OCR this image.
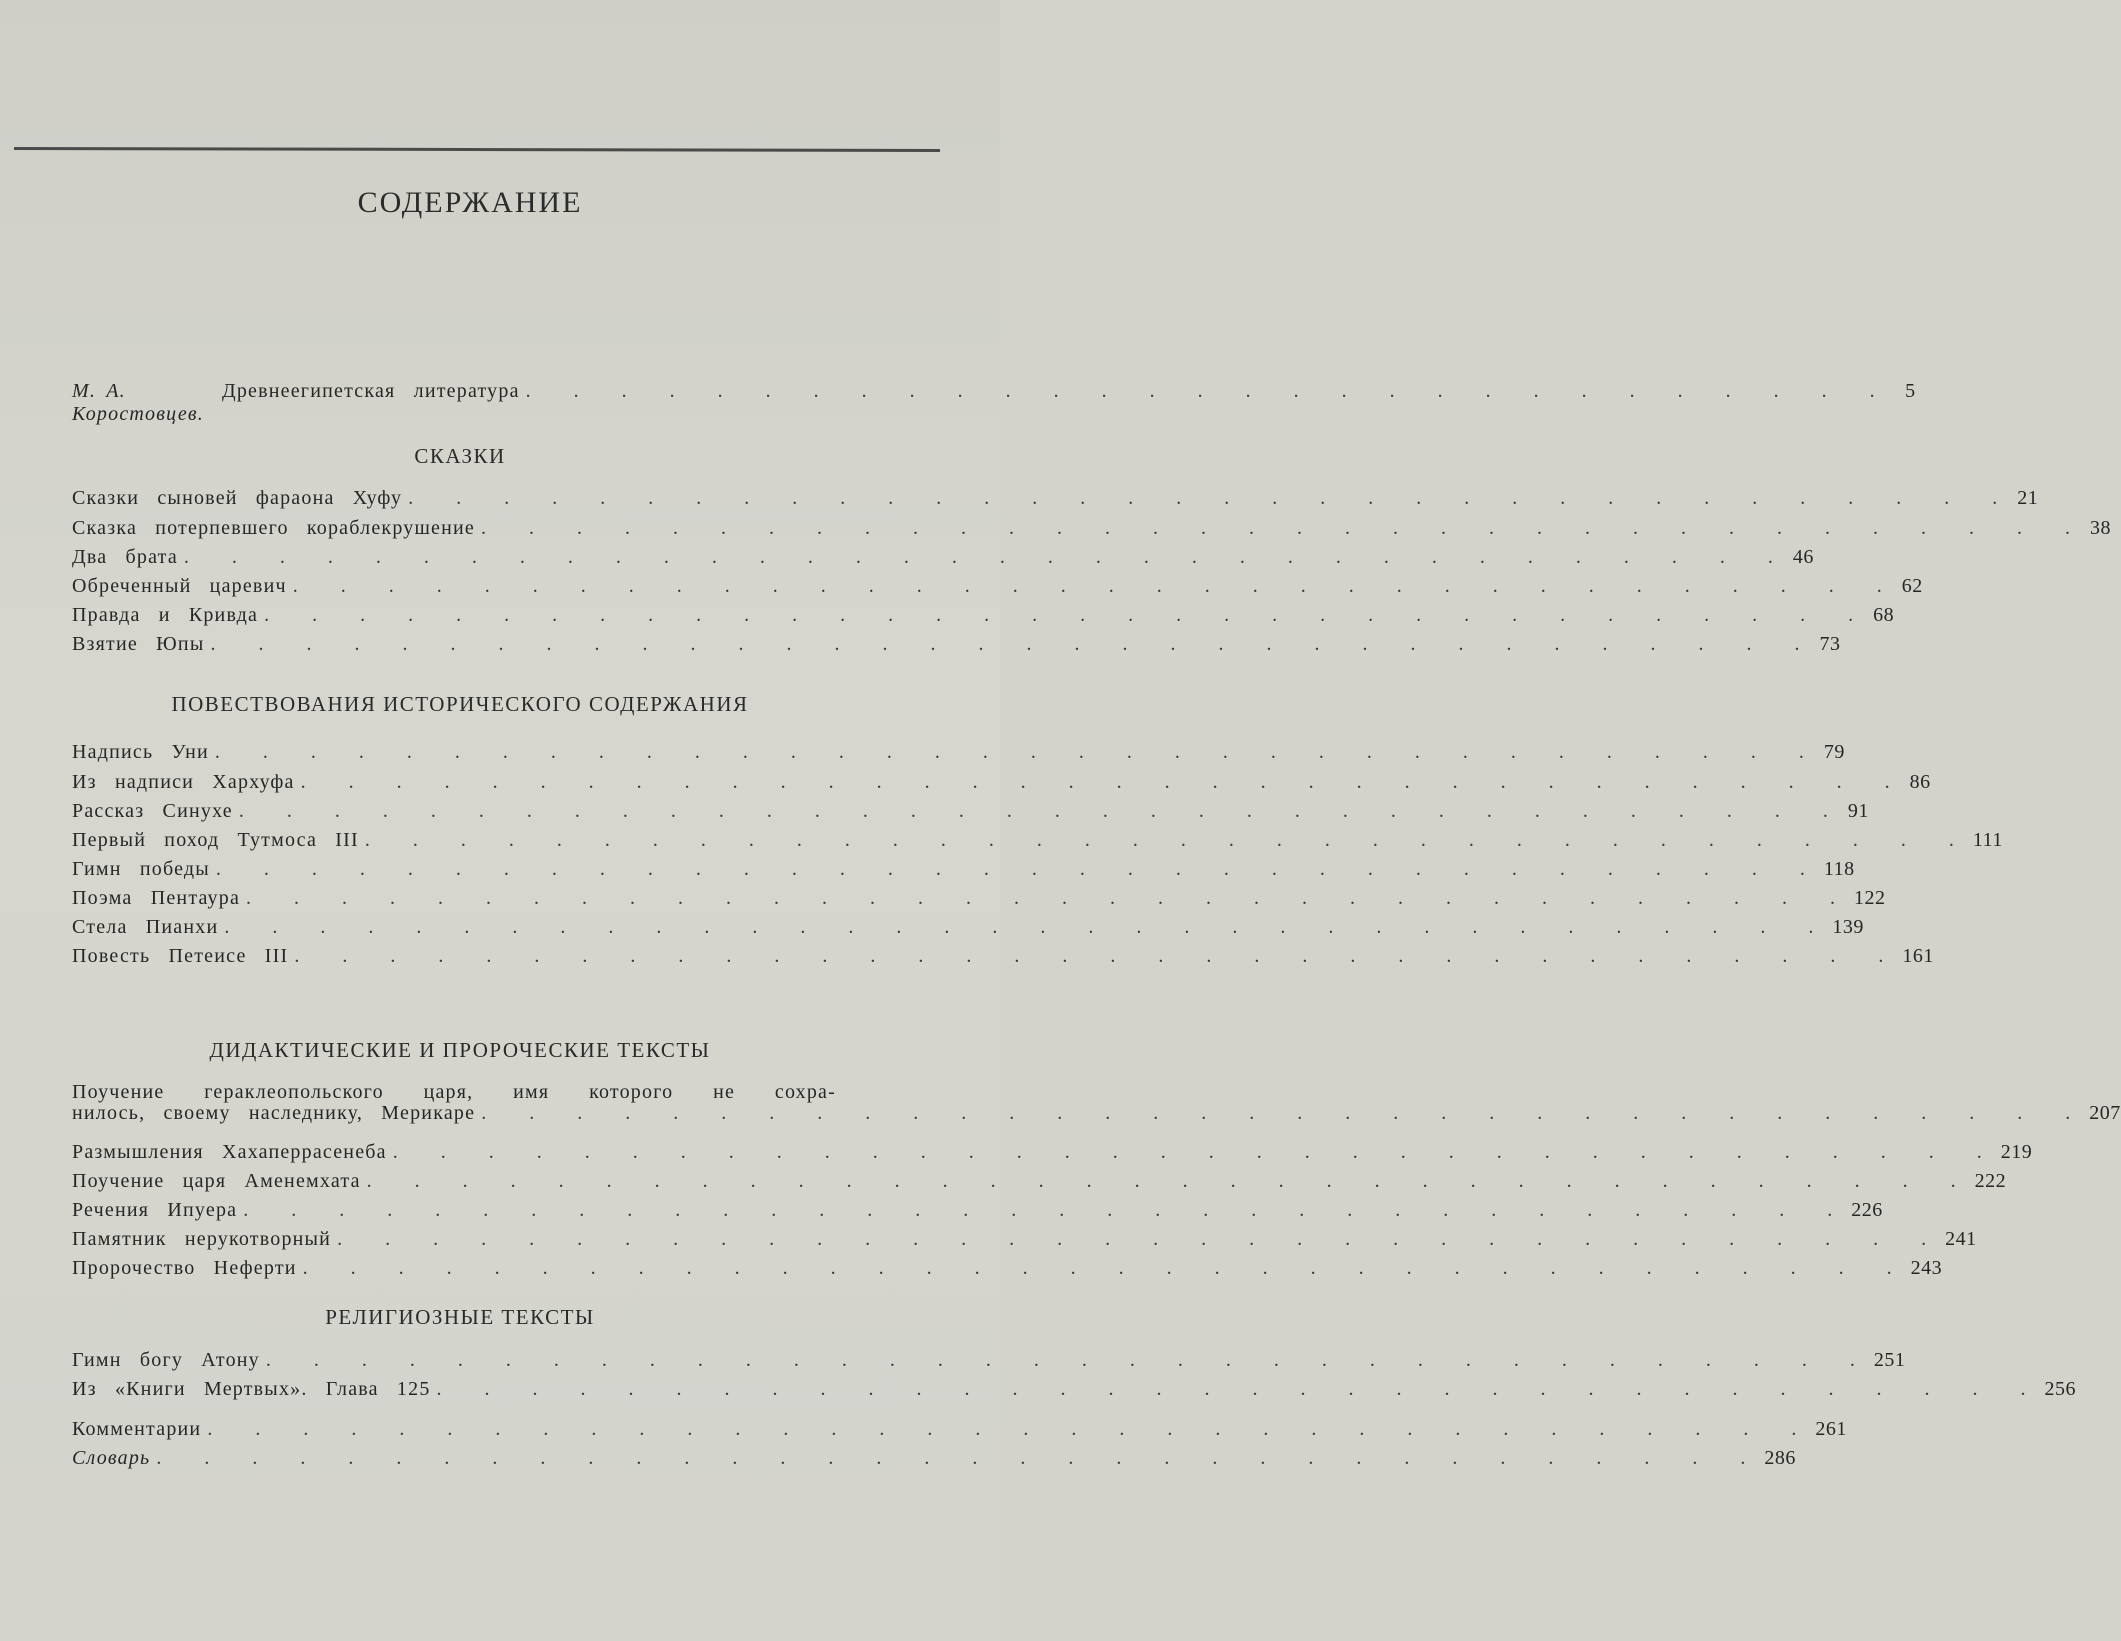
СОДЕРЖАНИЕ
М. А. Коростовцев.
Древнеегипетская литература . . . . . . . . . . . . . . . . . . . . . . . . . . . . . 5
СКАЗКИ
Сказки сыновей фараона Хуфу . . . . . . . . . . . . . . . . . . . . . . . . . . . . . . . . . . 21
Сказка потерпевшего кораблекрушение . . . . . . . . . . . . . . . . . . . . . . . . . . . . . . . . . . 38
Два брата . . . . . . . . . . . . . . . . . . . . . . . . . . . . . . . . . . 46
Обреченный царевич . . . . . . . . . . . . . . . . . . . . . . . . . . . . . . . . . . 62
Правда и Кривда . . . . . . . . . . . . . . . . . . . . . . . . . . . . . . . . . . 68
Взятие Юпы . . . . . . . . . . . . . . . . . . . . . . . . . . . . . . . . . . 73
ПОВЕСТВОВАНИЯ ИСТОРИЧЕСКОГО СОДЕРЖАНИЯ
Надпись Уни . . . . . . . . . . . . . . . . . . . . . . . . . . . . . . . . . . 79
Из надписи Хархуфа . . . . . . . . . . . . . . . . . . . . . . . . . . . . . . . . . . 86
Рассказ Синухе . . . . . . . . . . . . . . . . . . . . . . . . . . . . . . . . . . 91
Первый поход Тутмоса III . . . . . . . . . . . . . . . . . . . . . . . . . . . . . . . . . . 111
Гимн победы . . . . . . . . . . . . . . . . . . . . . . . . . . . . . . . . . . 118
Поэма Пентаура . . . . . . . . . . . . . . . . . . . . . . . . . . . . . . . . . . 122
Стела Пианхи . . . . . . . . . . . . . . . . . . . . . . . . . . . . . . . . . . 139
Повесть Петеисе III . . . . . . . . . . . . . . . . . . . . . . . . . . . . . . . . . . 161
ДИДАКТИЧЕСКИЕ И ПРОРОЧЕСКИЕ ТЕКСТЫ
Поучение гераклеопольского царя, имя которого не сохра-
нилось, своему наследнику, Мерикаре . . . . . . . . . . . . . . . . . . . . . . . . . . . . . . . . . . 207
Размышления Хахаперрасенеба . . . . . . . . . . . . . . . . . . . . . . . . . . . . . . . . . . 219
Поучение царя Аменемхата . . . . . . . . . . . . . . . . . . . . . . . . . . . . . . . . . . 222
Речения Ипуера . . . . . . . . . . . . . . . . . . . . . . . . . . . . . . . . . . 226
Памятник нерукотворный . . . . . . . . . . . . . . . . . . . . . . . . . . . . . . . . . . 241
Пророчество Неферти . . . . . . . . . . . . . . . . . . . . . . . . . . . . . . . . . . 243
РЕЛИГИОЗНЫЕ ТЕКСТЫ
Гимн богу Атону . . . . . . . . . . . . . . . . . . . . . . . . . . . . . . . . . . 251
Из «Книги Мертвых». Глава 125 . . . . . . . . . . . . . . . . . . . . . . . . . . . . . . . . . . 256
Комментарии . . . . . . . . . . . . . . . . . . . . . . . . . . . . . . . . . . 261
Словарь . . . . . . . . . . . . . . . . . . . . . . . . . . . . . . . . . . 286
